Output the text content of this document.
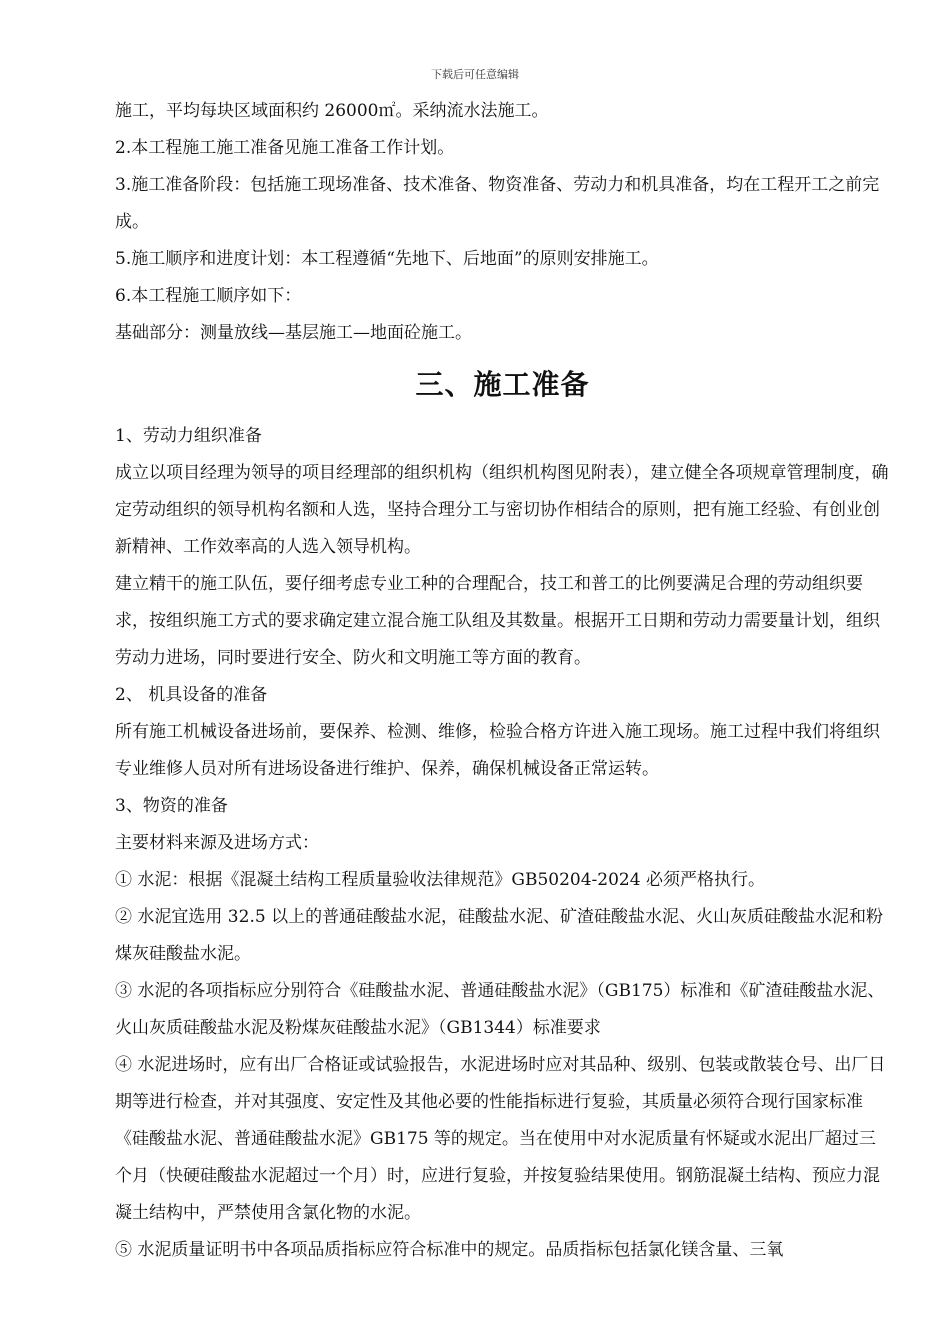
下载后可任意编辑

施工，平均每块区域面积约 26000㎡。采纳流水法施工。

2.本工程施工施工准备见施工准备工作计划。

3.施工准备阶段：包括施工现场准备、技术准备、物资准备、劳动力和机具准备，均在工程开工之前完成。

5.施工顺序和进度计划：本工程遵循“先地下、后地面”的原则安排施工。

6.本工程施工顺序如下：

基础部分：测量放线—基层施工—地面砼施工。

三、施工准备

1、劳动力组织准备

成立以项目经理为领导的项目经理部的组织机构（组织机构图见附表），建立健全各项规章管理制度，确定劳动组织的领导机构名额和人选，坚持合理分工与密切协作相结合的原则，把有施工经验、有创业创新精神、工作效率高的人选入领导机构。

建立精干的施工队伍，要仔细考虑专业工种的合理配合，技工和普工的比例要满足合理的劳动组织要求，按组织施工方式的要求确定建立混合施工队组及其数量。根据开工日期和劳动力需要量计划，组织劳动力进场，同时要进行安全、防火和文明施工等方面的教育。

2、 机具设备的准备

所有施工机械设备进场前，要保养、检测、维修，检验合格方许进入施工现场。施工过程中我们将组织专业维修人员对所有进场设备进行维护、保养，确保机械设备正常运转。

3、物资的准备

主要材料来源及进场方式：

① 水泥：根据《混凝土结构工程质量验收法律规范》GB50204-2024 必须严格执行。

② 水泥宜选用 32.5 以上的普通硅酸盐水泥，硅酸盐水泥、矿渣硅酸盐水泥、火山灰质硅酸盐水泥和粉煤灰硅酸盐水泥。

③ 水泥的各项指标应分别符合《硅酸盐水泥、普通硅酸盐水泥》（GB175）标准和《矿渣硅酸盐水泥、火山灰质硅酸盐水泥及粉煤灰硅酸盐水泥》（GB1344）标准要求

④ 水泥进场时，应有出厂合格证或试验报告，水泥进场时应对其品种、级别、包装或散装仓号、出厂日期等进行检查，并对其强度、安定性及其他必要的性能指标进行复验，其质量必须符合现行国家标准《硅酸盐水泥、普通硅酸盐水泥》GB175 等的规定。当在使用中对水泥质量有怀疑或水泥出厂超过三个月（快硬硅酸盐水泥超过一个月）时，应进行复验，并按复验结果使用。钢筋混凝土结构、预应力混凝土结构中，严禁使用含氯化物的水泥。

⑤ 水泥质量证明书中各项品质指标应符合标准中的规定。品质指标包括氯化镁含量、三氧
